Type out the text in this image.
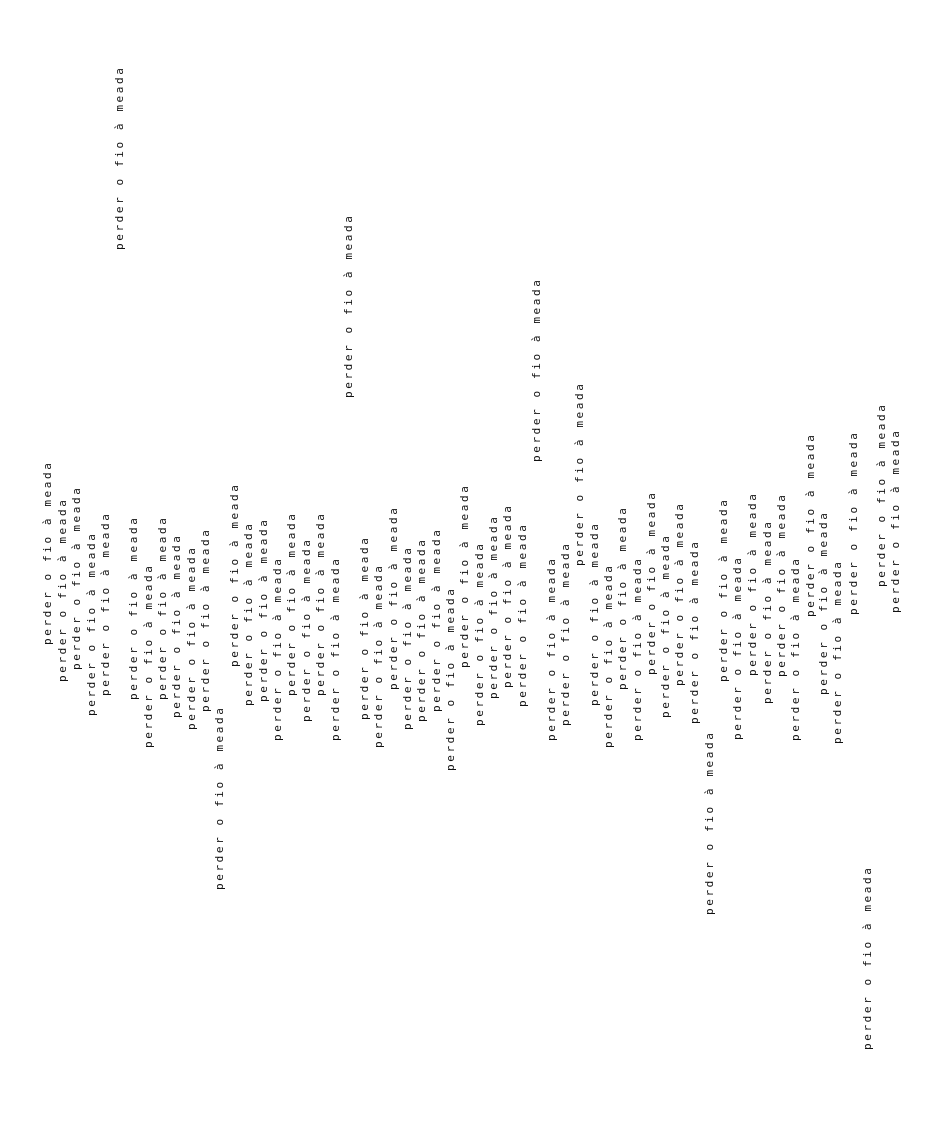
perder o fio à meada perder o fio à meada perder o fio à meada perder o fio à meada perder o fio à meada
perder o fio à meada
perder o fio à meada perder o fio à meada perder o fio à meada perder o fio à meada perder o fio à meada perder o fio à meada
perder o fio à meada
perder o fio à meada perder o fio à meada perder o fio à meada perder o fio à meada perder o fio à meada perder o fio à meada perder o fio à meada perder o fio à meada
perder o fio à meada
perder o fio à meada perder o fio à meada perder o fio à meada perder o fio à meada perder o fio à meada perder o fio à meada perder o fio à meada
perder o fio à meada perder o fio à meada perder o fio à meada perder o fio à meada perder o fio à meada
perder o fio à meada
perder o fio à meada perder o fio à meada
perder o fio à meada
perder o fio à meada perder o fio à meada perder o fio à meada perder o fio à meada perder o fio à meada perder o fio à meada perder o fio à meada perder o fio à meada
perder o fio à meada
perder o fio à meada perder o fio à meada perder o fio à meada perder o fio à meada perder o fio à meada perder o fio à meada
perder o fio à meada perder o fio à meada perder o fio à meada
perder o fio à meada
perder o fio à meada
perder o fio à meada perder o fio à meada
